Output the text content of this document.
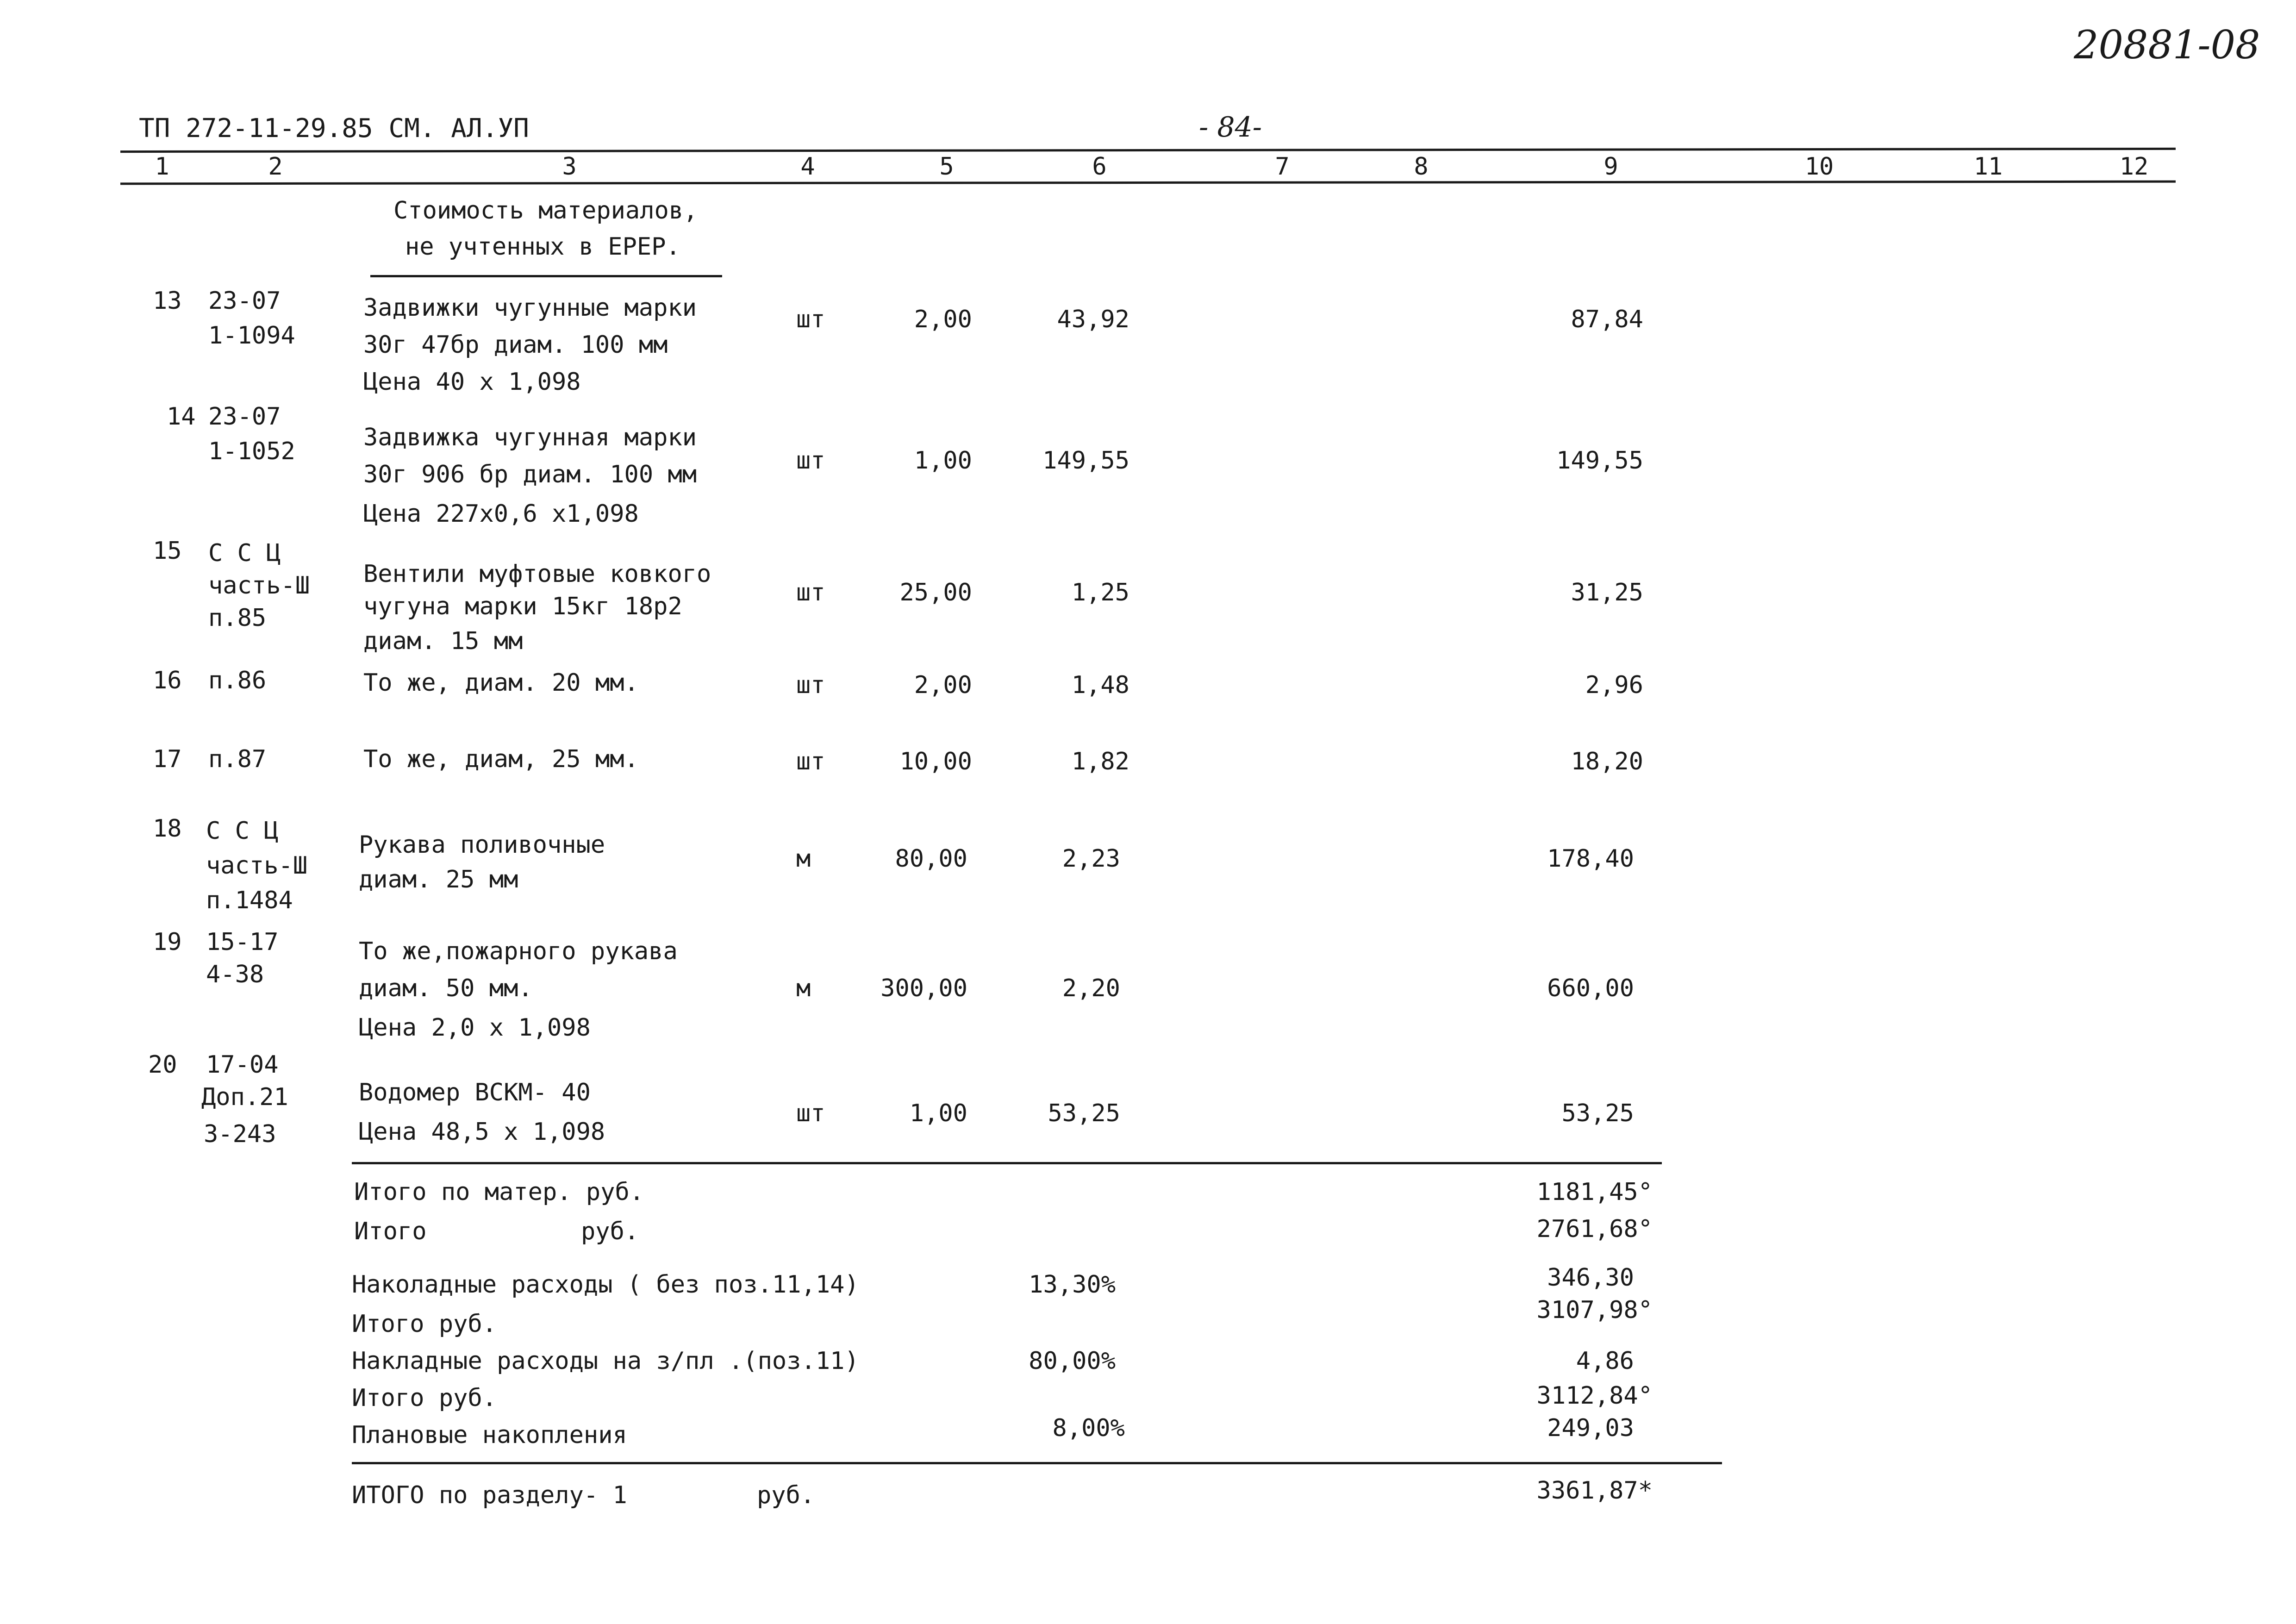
20881-08
ТП 272-11-29.85 СМ. АЛ.УП	- 84-
1	2	3	4	5	6	7	8	9	10	11	12
Стоимость материалов,
не учтенных в ЕРЕР.
13 23-07
1-1094
Задвижки чугунные марки
30г 47бр диам. 100 мм
Цена 40 x 1,098
шт	2,00	43,92	87,84
14 23-07
1-1052	Задвижка чугунная марки
30г 906 бр диам. 100 мм
Цена 227x0,6 x1,098
шт	1,00	149,55	149,55
15 С С Ц
часть-Ш
п.85
Вентили муфтовые ковкого
чугуна марки 15кг 18р2
диам. 15 мм
шт	25,00	1,25	31,25
16 п.86	То же, диам. 20 мм.	шт	2,00	1,48	2,96
17 п.87	То же, диам, 25 мм.	шт	10,00	1,82	18,20
18 С С Ц
часть-Ш
п.1484
Рукава поливочные
диам. 25 мм
м	80,00	2,23	178,40
19 15-17
4-38
То же,пожарного рукава
диам. 50 мм.
Цена 2,0 x 1,098
м	300,00	2,20	660,00
20 17-04
Доп.21
3-243
Водомер ВСКМ- 40
Цена 48,5 x 1,098
шт	1,00	53,25	53,25
Итого по матер. руб.	1181,45°
Итого	руб.	2761,68°
Наколадные расходы ( без поз.11,14)	13,30%	346,30
Итого руб.	3107,98°
Накладные расходы на з/пл .(поз.11)	80,00%	4,86
Итого руб.	3112,84°
Плановые накопления	8,00%	249,03
ИТОГО по разделу- 1	руб.	3361,87*
